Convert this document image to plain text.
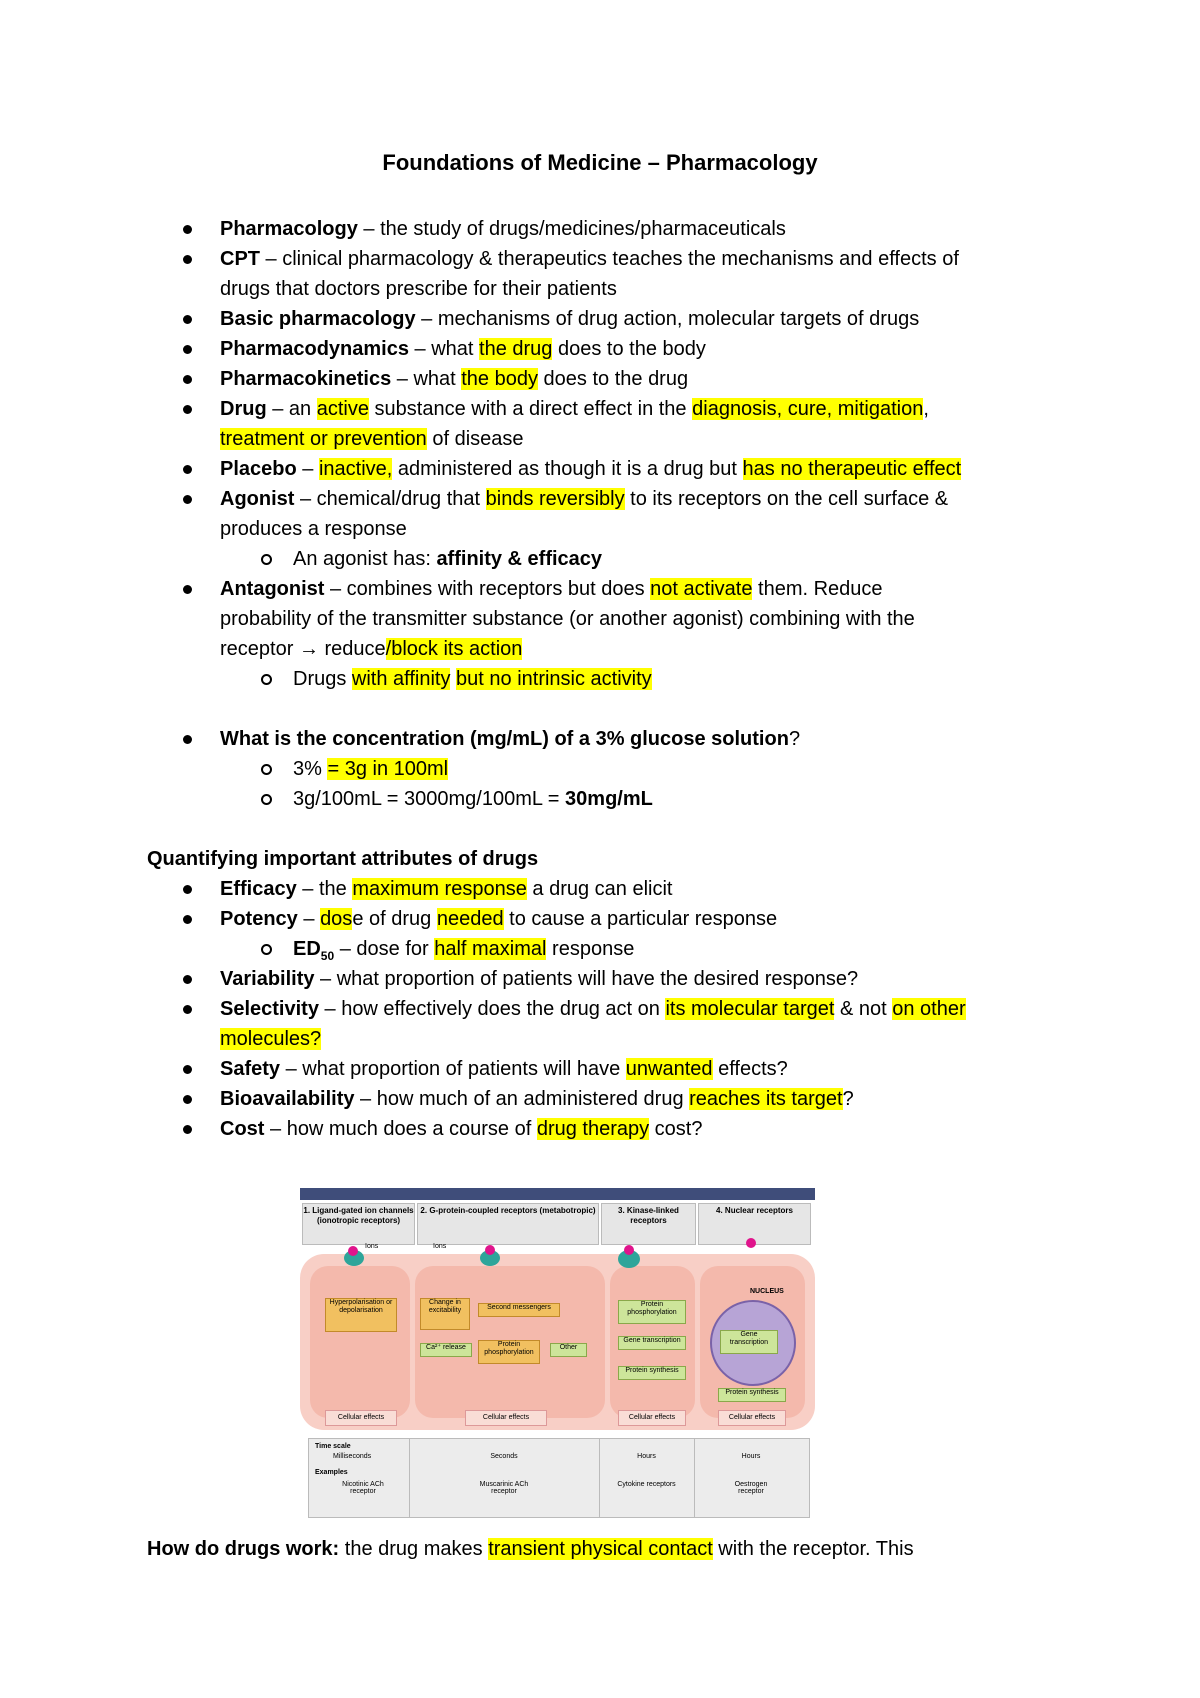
Foundations of Medicine – Pharmacology
Pharmacology – the study of drugs/medicines/pharmaceuticals
CPT – clinical pharmacology & therapeutics teaches the mechanisms and effects of
drugs that doctors prescribe for their patients
Basic pharmacology – mechanisms of drug action, molecular targets of drugs
Pharmacodynamics – what the drug does to the body
Pharmacokinetics – what the body does to the drug
Drug – an active substance with a direct effect in the diagnosis, cure, mitigation,
treatment or prevention of disease
Placebo – inactive, administered as though it is a drug but has no therapeutic effect
Agonist – chemical/drug that binds reversibly to its receptors on the cell surface &
produces a response
An agonist has: affinity & efficacy
Antagonist – combines with receptors but does not activate them. Reduce
probability of the transmitter substance (or another agonist) combining with the
receptor → reduce/block its action
Drugs with affinity but no intrinsic activity
What is the concentration (mg/mL) of a 3% glucose solution?
3% = 3g in 100ml
3g/100mL = 3000mg/100mL = 30mg/mL
Quantifying important attributes of drugs
Efficacy – the maximum response a drug can elicit
Potency – dose of drug needed to cause a particular response
$ED_{50}$ – dose for half maximal response
Variability – what proportion of patients will have the desired response?
Selectivity – how effectively does the drug act on its molecular target & not on other
molecules?
Safety – what proportion of patients will have unwanted effects?
Bioavailability – how much of an administered drug reaches its target?
Cost – how much does a course of drug therapy cost?
1. Ligand-gated ion channels (ionotropic receptors)
2. G-protein-coupled receptors (metabotropic)	3. Kinase-linked receptors
4. Nuclear receptors
Ions	Ions
Hyperpolarisation or depolarisation
Change in excitability	Second messengers
Ca²⁺ release	Protein phosphorylation
Other
Protein phosphorylation
Gene transcription
Protein synthesis
NUCLEUS
Gene transcription
Protein synthesis
Cellular effects	Cellular effects	Cellular effects	Cellular effects
Time scale
Milliseconds
Examples
Nicotinic ACh receptor
Seconds
Muscarinic ACh receptor
Hours
Cytokine receptors
Hours
Oestrogen receptor
How do drugs work: the drug makes transient physical contact with the receptor. This
